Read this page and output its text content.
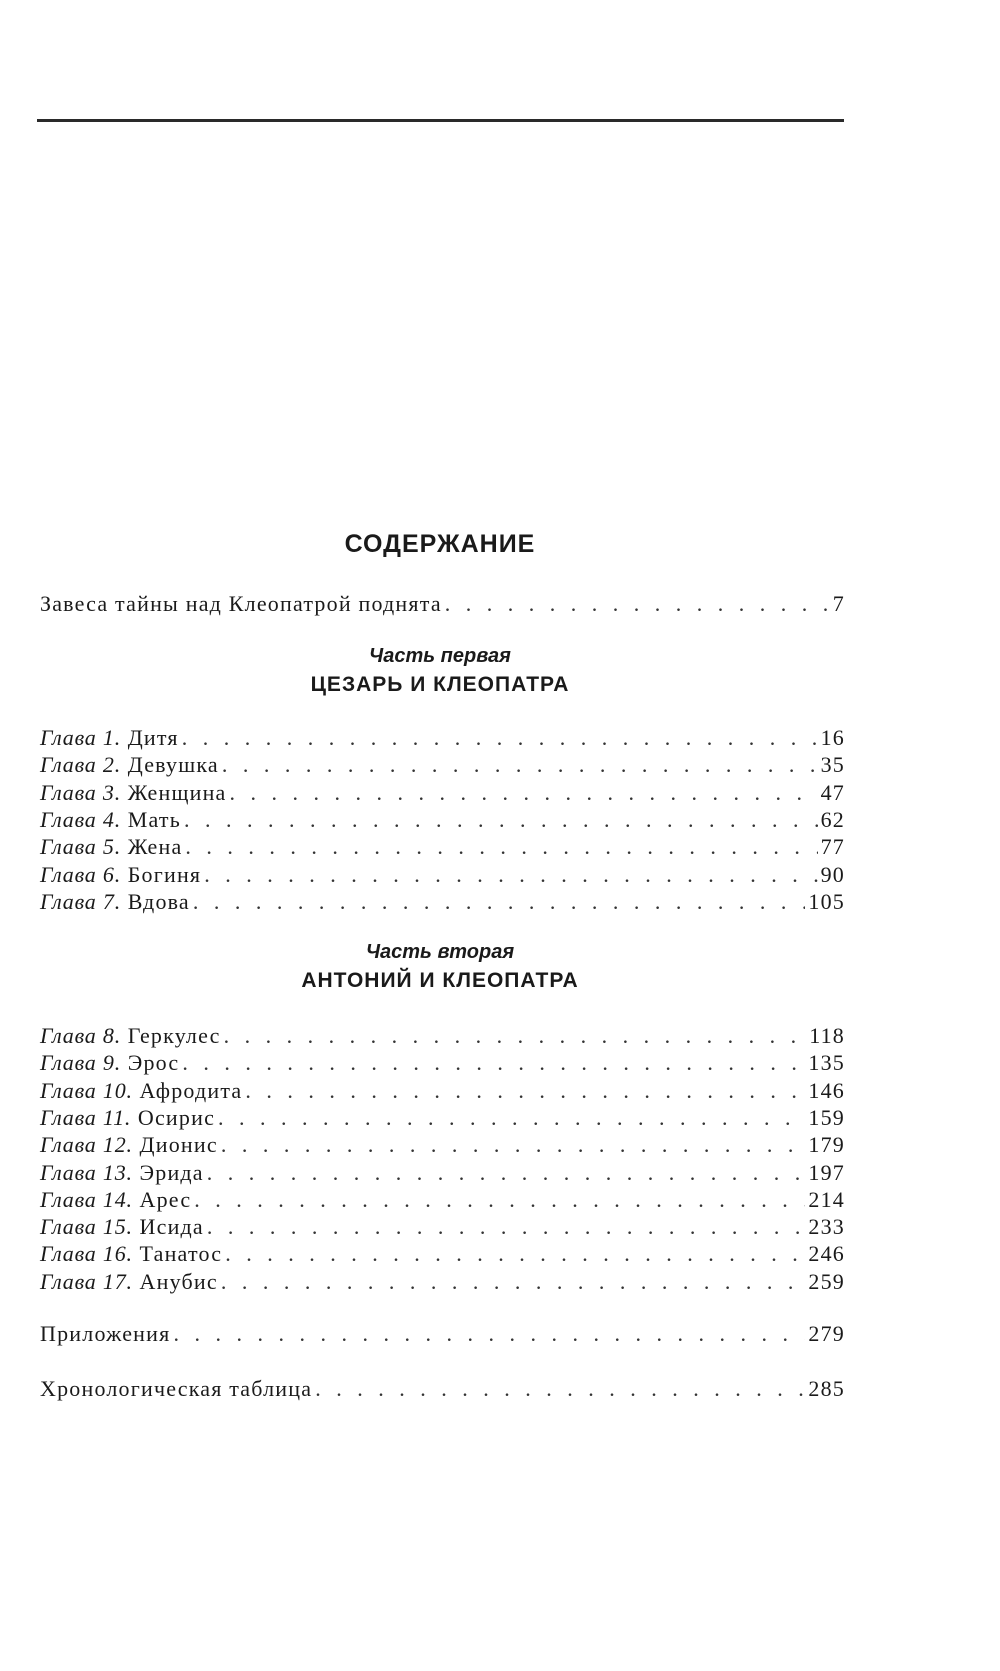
СОДЕРЖАНИЕ
Завеса тайны над Клеопатрой поднята . . .	7
Часть первая
ЦЕЗАРЬ И КЛЕОПАТРА
Глава 1. Дитя . . .	16
Глава 2. Девушка . . .	35
Глава 3. Женщина . . .	47
Глава 4. Мать . . .	62
Глава 5. Жена . . .	77
Глава 6. Богиня . . .	90
Глава 7. Вдова . . .	105
Часть вторая
АНТОНИЙ И КЛЕОПАТРА
Глава 8. Геркулес . . .	118
Глава 9. Эрос . . .	135
Глава 10. Афродита . . .	146
Глава 11. Осирис . . .	159
Глава 12. Дионис . . .	179
Глава 13. Эрида . . .	197
Глава 14. Арес . . .	214
Глава 15. Исида . . .	233
Глава 16. Танатос . . .	246
Глава 17. Анубис . . .	259
Приложения . . .	279
Хронологическая таблица . . .	285
